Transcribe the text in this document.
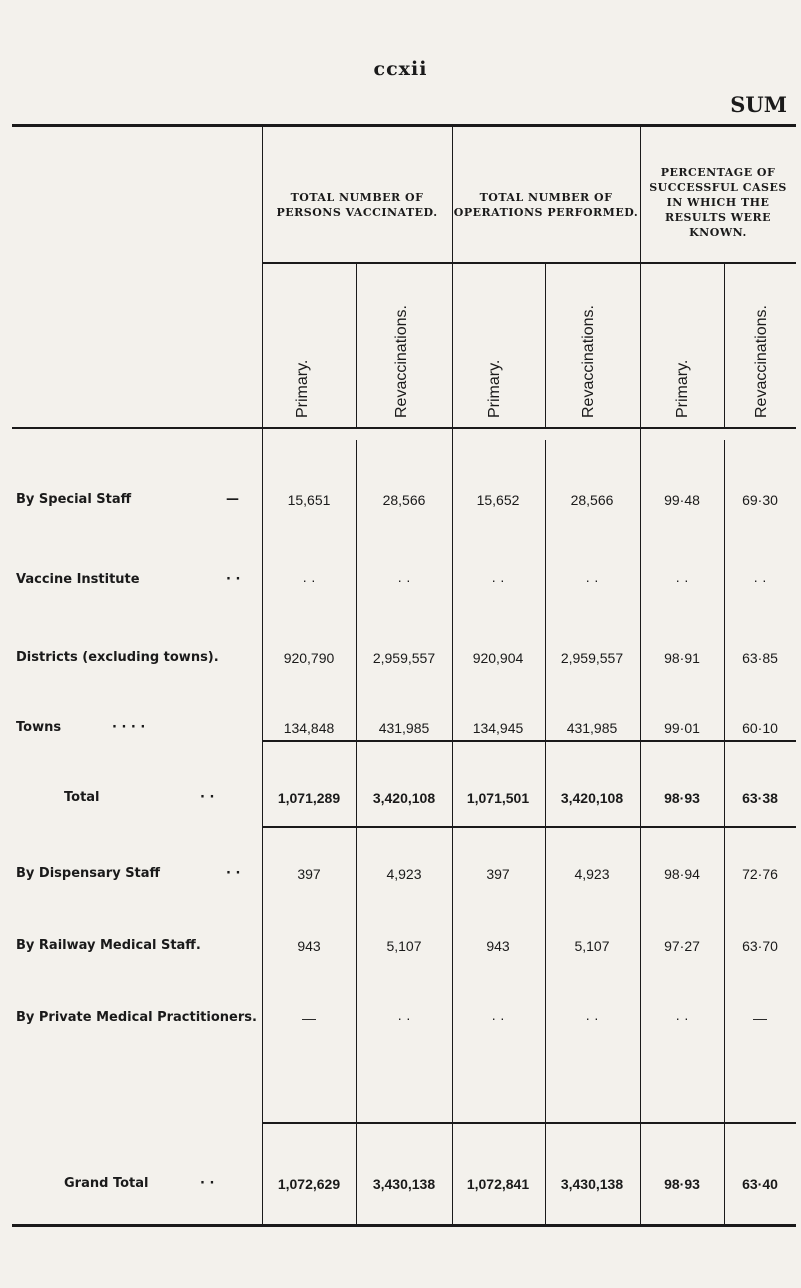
ccxii
SUM
TOTAL NUMBER OF PERSONS VACCINATED.
TOTAL NUMBER OF OPERATIONS PERFORMED.
PERCENTAGE OF SUCCESSFUL CASES IN WHICH THE RESULTS WERE KNOWN.
Primary.	Revaccinations.	Primary.	Revaccinations.	Primary.	Revaccinations.
By Special Staff	—	15,651	28,566	15,652	28,566	99·48	69·30
Vaccine Institute	· ·	· ·	· ·	· ·	· ·	· ·	· ·
Districts (excluding towns).	920,790	2,959,557	920,904	2,959,557	98·91	63·85
Towns	· · · ·	134,848	431,985	134,945	431,985	99·01	60·10
Total	· ·	1,071,289	3,420,108	1,071,501	3,420,108	98·93	63·38
By Dispensary Staff	· ·	397	4,923	397	4,923	98·94	72·76
By Railway Medical Staff.	943	5,107	943	5,107	97·27	63·70
By Private Medical Practitioners.	—	· ·	· ·	· ·	· ·	—
Grand Total	· ·	1,072,629	3,430,138	1,072,841	3,430,138	98·93	63·40
